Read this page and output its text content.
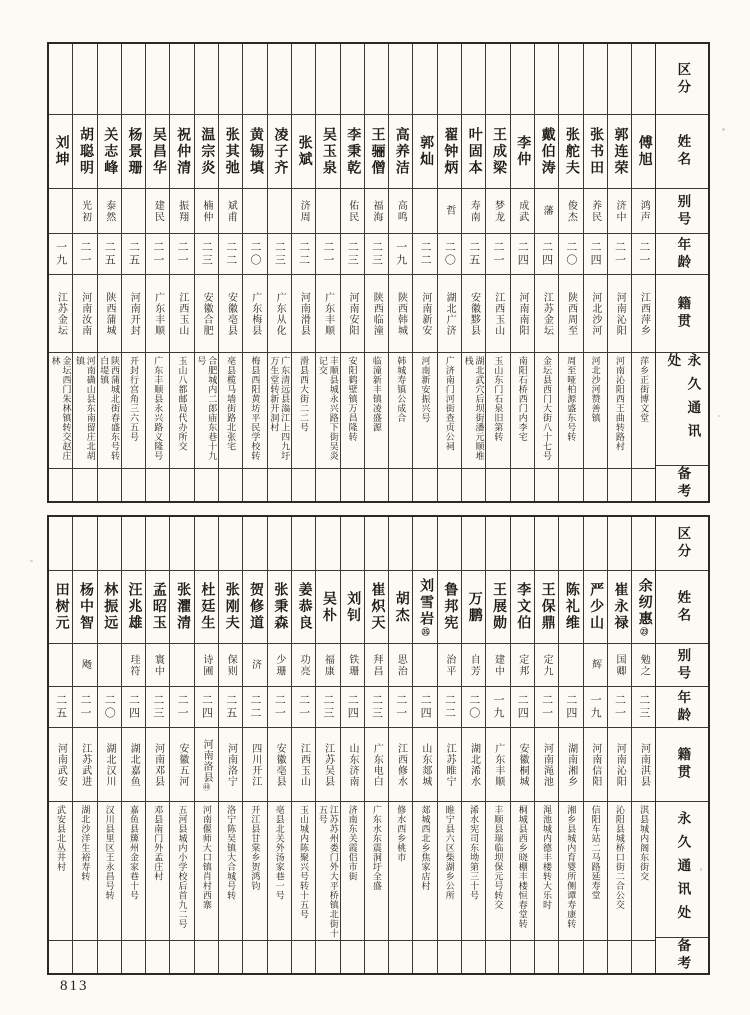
区分
姓名
别号
年龄
籍贯
永久通讯处
备考
傅旭
鸿声
二一
江西萍乡
萍乡正街博文堂
郭连荣
济中
二一
河南沁阳
河南沁阳西王曲转路村
张书田
养民
二四
河北沙河
河北沙河赞善镇
张舵夫
俊杰
二〇
陕西周至
周至哑柏源盛东号转
戴伯涛
藩
二四
江苏金坛
金坛县西门大街八十七号
李仲
成武
二四
河南南阳
南阳石桥西门内李宅
王成梁
梦龙
二一
江西玉山
玉山东门石泉旧第转
叶固本
寿南
二五
安徽黟县
湖北武穴后坝街潘元顺堆栈
翟钟炳
哲
二〇
湖北广济
广济南门河街查贞公祠
郭灿
二二
河南新安
河南新安振兴号
高养洁
高鸣
一九
陕西韩城
韩城寿镇公成合
王骊僧
福海
二三
陕西临潼
临潼新丰镇凌盛源
李秉乾
佑民
二三
河南安阳
安阳鹤壁镇万昌隆转
吴玉泉
二一
广东丰顺
丰顺县城永兴路下街吴炎记交
张斌
济周
二二
河南滑县
滑县西大街二二号
凌子齐
二三
广东从化
广东清远县滃江上四九圩万生堂转新开洞村
黄锡填
二〇
广东梅县
梅县西阳黄坊平民学校转
张其弛
斌甫
二二
安徽亳县
亳县榄马墙街路北张宅
温宗炎
楠仲
二三
安徽合肥
合肥城内二郎庙东巷十九号
祝仲清
振翔
二一
江西玉山
玉山八都邮局代办所交
吴昌华
建民
二一
广东丰顺
广东丰顺县永兴路义隆号
杨景珊
二五
河南开封
开封行宫角三六五号
关志峰
泰然
二五
陕西蒲城
陕西蒲城北街春盛东号转白堤镇
胡聪明
光初
二一
河南汝南
河南确山县东南留庄北胡镇
刘坤
一九
江苏金坛
金坛西门朱林镇转交赵庄林
区分
姓名
别号
年龄
籍贯
永久通讯处
备考
余纫惠㉓
勉之
二三
河南淇县
淇县城内阁东街交
崔永禄
国卿
二一
河南沁阳
沁阳县城桥口街二合公交
严少山
辉
一九
河南信阳
信阳车站二马路延寿堂
陈礼维
二四
湖南湘乡
湘乡县城内育婴所侧谭寿康转
王保鼎
定九
二一
河南渑池
渑池城内德丰楼转大乐时
李文伯
定邦
二四
安徽桐城
桐城县西乡晓棚丰楼恒春堂转
王展勋
建中
一九
广东丰顺
丰顺县瑞临坝保元号转交
万鹏
自芳
二〇
湖北浠水
浠水宪司东坳第三十号
鲁邦宪
治平
二二
江苏睢宁
睢宁县六区柴湖乡公所
刘雪岩㉟
二四
山东郯城
郯城西北乡焦家店村
胡杰
思治
二一
江西修水
修水西乡桃市
崔炽天
拜昌
二三
广东电白
广东水东震洞圩全盛
刘钊
铁珊
二四
山东济南
济南东关霞侣市街
吴朴
福康
二三
江苏吴县
江苏苏州娄门外大平桥镇北街十五号
姜恭良
功亮
二一
江西玉山
玉山城内陈聚兴号转十五号
张秉森
少珊
二一
安徽亳县
亳县北关外汤家巷一号
贺修道
济
二二
四川开江
开江县甘棠乡贺鸿钧
张刚夫
保则
二五
河南洛宁
洛宁陈吴镇大合城号转
杜廷生
诗圃
二四
河南洛县㊵
河南偃师大口镇肖村西寨
张灈清
二一
安徽五河
五河县城内小学校后首九二号
孟昭玉
寰中
二三
河南邓县
邓县南门外孟庄村
汪兆雄
珪符
二四
湖北嘉鱼
嘉鱼县簰州金家巷十号
林振远
二〇
湖北汉川
汉川县里区王永昌号转
杨中智
飏
二一
江苏武进
湖北沙洋生裕寿转
田树元
二五
河南武安
武安县北丛井村
813
